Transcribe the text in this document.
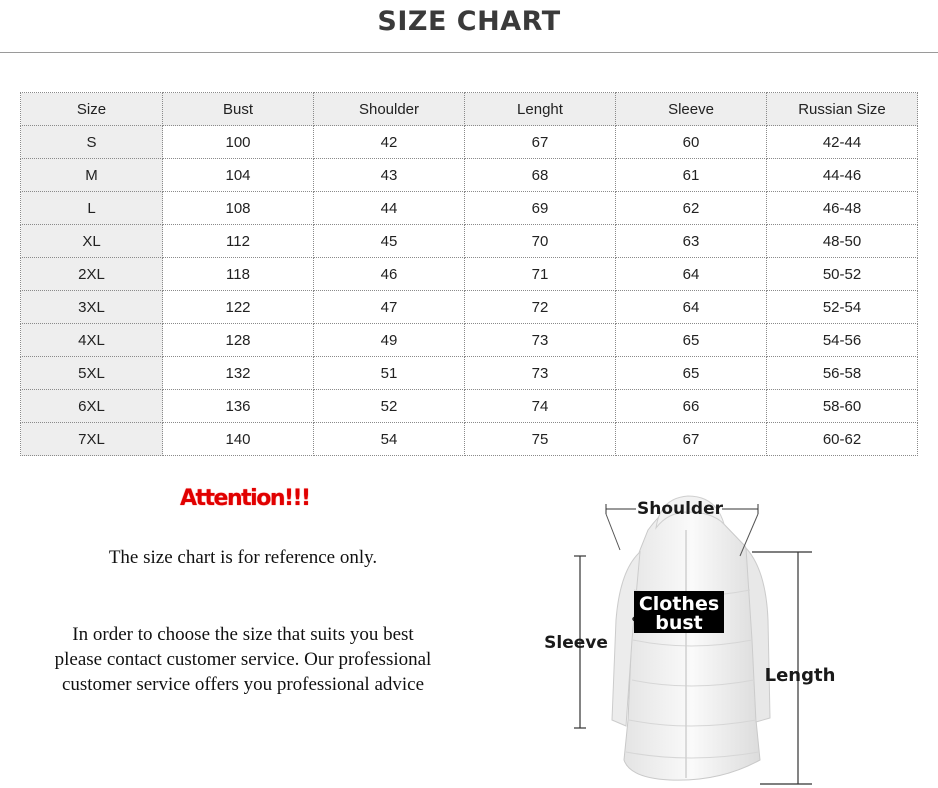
SIZE CHART
Size	Bust	Shoulder	Lenght	Sleeve	Russian Size
S	100	42	67	60	42-44
M	104	43	68	61	44-46
L	108	44	69	62	46-48
XL	112	45	70	63	48-50
2XL	118	46	71	64	50-52
3XL	122	47	72	64	52-54
4XL	128	49	73	65	54-56
5XL	132	51	73	65	56-58
6XL	136	52	74	66	58-60
7XL	140	54	75	67	60-62
Attention!!!
The size chart is for reference only.
In order to choose the size that suits you best
please contact customer service. Our professional
customer service offers you professional advice
Shoulder
Sleeve
Length
Clothes
bust
